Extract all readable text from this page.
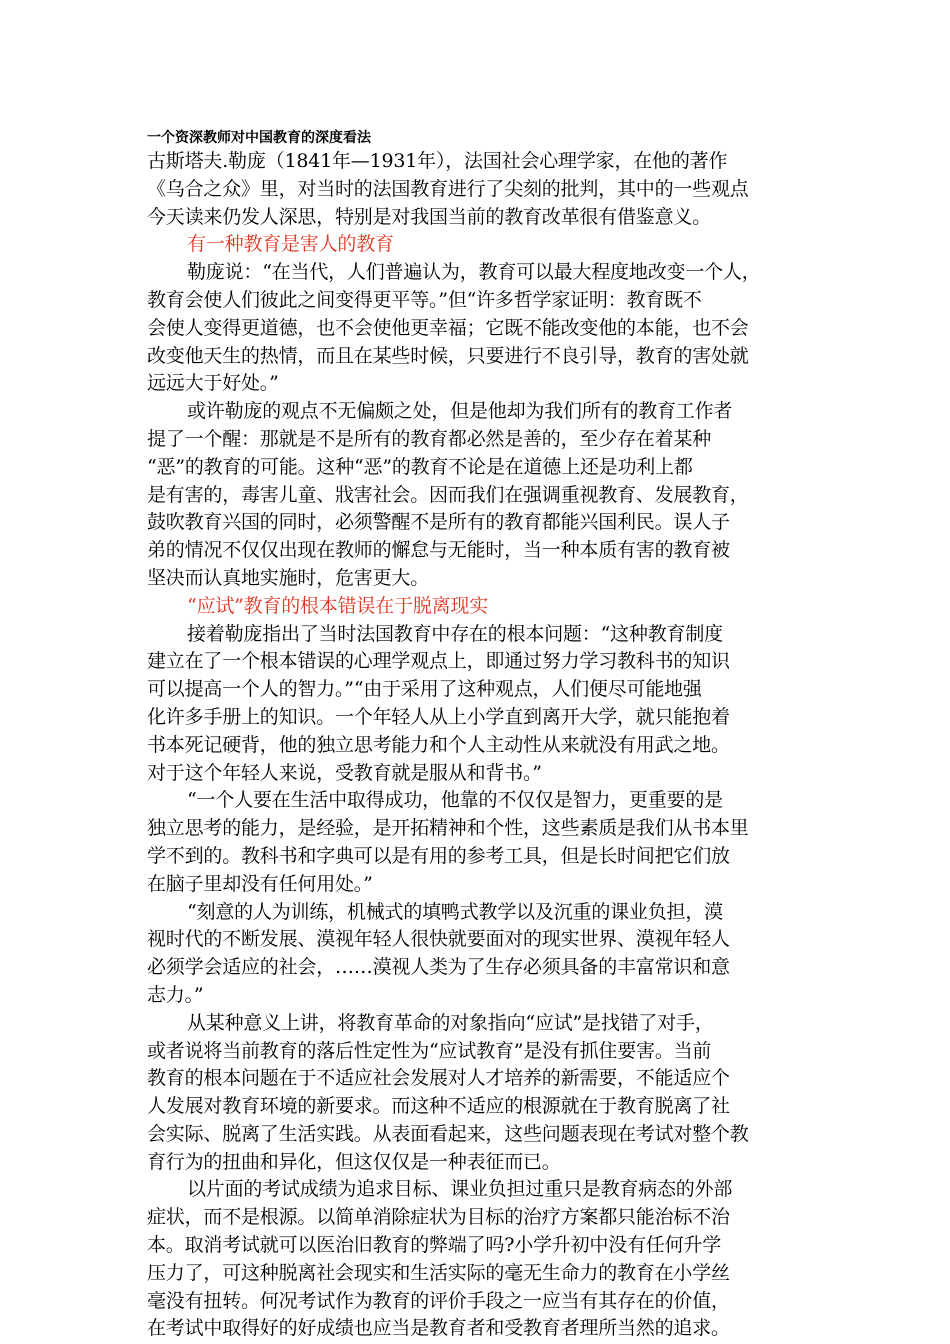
一个资深教师对中国教育的深度看法
古斯塔夫.勒庞（1841年—1931年），法国社会心理学家，在他的著作
《乌合之众》里，对当时的法国教育进行了尖刻的批判，其中的一些观点
今天读来仍发人深思，特别是对我国当前的教育改革很有借鉴意义。
有一种教育是害人的教育
勒庞说：“在当代，人们普遍认为，教育可以最大程度地改变一个人，
教育会使人们彼此之间变得更平等。”但“许多哲学家证明：教育既不
会使人变得更道德，也不会使他更幸福；它既不能改变他的本能，也不会
改变他天生的热情，而且在某些时候，只要进行不良引导，教育的害处就
远远大于好处。”
或许勒庞的观点不无偏颇之处，但是他却为我们所有的教育工作者
提了一个醒：那就是不是所有的教育都必然是善的，至少存在着某种
“恶”的教育的可能。这种“恶”的教育不论是在道德上还是功利上都
是有害的，毒害儿童、戕害社会。因而我们在强调重视教育、发展教育，
鼓吹教育兴国的同时，必须警醒不是所有的教育都能兴国利民。误人子
弟的情况不仅仅出现在教师的懈怠与无能时，当一种本质有害的教育被
坚决而认真地实施时，危害更大。
“应试”教育的根本错误在于脱离现实
接着勒庞指出了当时法国教育中存在的根本问题：“这种教育制度
建立在了一个根本错误的心理学观点上，即通过努力学习教科书的知识
可以提高一个人的智力。”“由于采用了这种观点，人们便尽可能地强
化许多手册上的知识。一个年轻人从上小学直到离开大学，就只能抱着
书本死记硬背，他的独立思考能力和个人主动性从来就没有用武之地。
对于这个年轻人来说，受教育就是服从和背书。”
“一个人要在生活中取得成功，他靠的不仅仅是智力，更重要的是
独立思考的能力，是经验，是开拓精神和个性，这些素质是我们从书本里
学不到的。教科书和字典可以是有用的参考工具，但是长时间把它们放
在脑子里却没有任何用处。”
“刻意的人为训练，机械式的填鸭式教学以及沉重的课业负担，漠
视时代的不断发展、漠视年轻人很快就要面对的现实世界、漠视年轻人
必须学会适应的社会，……漠视人类为了生存必须具备的丰富常识和意
志力。”
从某种意义上讲，将教育革命的对象指向“应试”是找错了对手，
或者说将当前教育的落后性定性为“应试教育”是没有抓住要害。当前
教育的根本问题在于不适应社会发展对人才培养的新需要，不能适应个
人发展对教育环境的新要求。而这种不适应的根源就在于教育脱离了社
会实际、脱离了生活实践。从表面看起来，这些问题表现在考试对整个教
育行为的扭曲和异化，但这仅仅是一种表征而已。
以片面的考试成绩为追求目标、课业负担过重只是教育病态的外部
症状，而不是根源。以简单消除症状为目标的治疗方案都只能治标不治
本。取消考试就可以医治旧教育的弊端了吗?小学升初中没有任何升学
压力了，可这种脱离社会现实和生活实际的毫无生命力的教育在小学丝
毫没有扭转。何况考试作为教育的评价手段之一应当有其存在的价值，
在考试中取得好的好成绩也应当是教育者和受教育者理所当然的追求。
